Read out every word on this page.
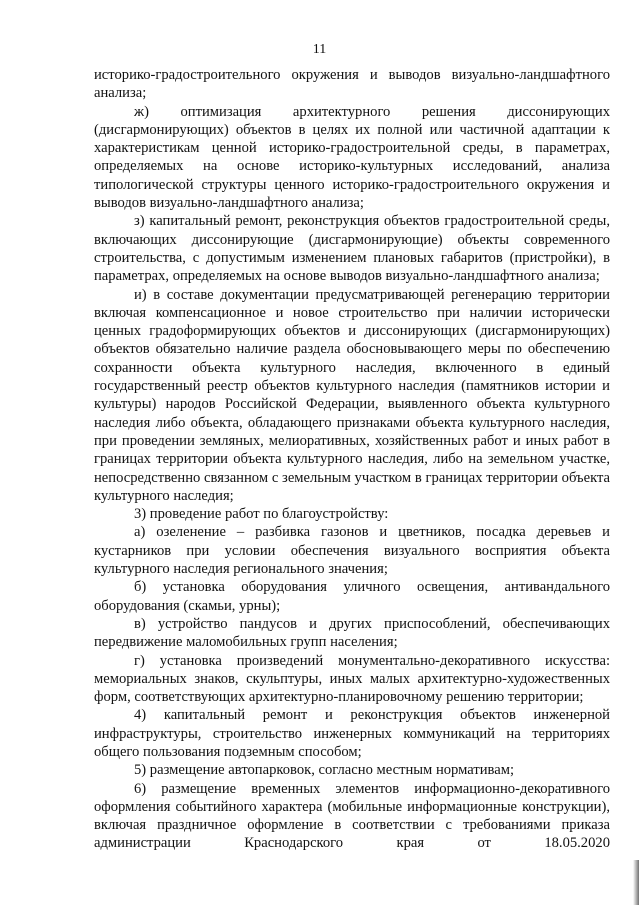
11

историко-градостроительного окружения и выводов визуально-ландшафтного анализа;

ж) оптимизация архитектурного решения диссонирующих (дисгармонирующих) объектов в целях их полной или частичной адаптации к характеристикам ценной историко-градостроительной среды, в параметрах, определяемых на основе историко-культурных исследований, анализа типологической структуры ценного историко-градостроительного окружения и выводов визуально-ландшафтного анализа;

з) капитальный ремонт, реконструкция объектов градостроительной среды, включающих диссонирующие (дисгармонирующие) объекты современного строительства, с допустимым изменением плановых габаритов (пристройки), в параметрах, определяемых на основе выводов визуально-ландшафтного анализа;

и) в составе документации предусматривающей регенерацию территории включая компенсационное и новое строительство при наличии исторически ценных градоформирующих объектов и диссонирующих (дисгармонирующих) объектов обязательно наличие раздела обосновывающего меры по обеспечению сохранности объекта культурного наследия, включенного в единый государственный реестр объектов культурного наследия (памятников истории и культуры) народов Российской Федерации, выявленного объекта культурного наследия либо объекта, обладающего признаками объекта культурного наследия, при проведении земляных, мелиоративных, хозяйственных работ и иных работ в границах территории объекта культурного наследия, либо на земельном участке, непосредственно связанном с земельным участком в границах территории объекта культурного наследия;

3) проведение работ по благоустройству:

а) озеленение – разбивка газонов и цветников, посадка деревьев и кустарников при условии обеспечения визуального восприятия объекта культурного наследия регионального значения;

б) установка оборудования уличного освещения, антивандального оборудования (скамьи, урны);

в) устройство пандусов и других приспособлений, обеспечивающих передвижение маломобильных групп населения;

г) установка произведений монументально-декоративного искусства: мемориальных знаков, скульптуры, иных малых архитектурно-художественных форм, соответствующих архитектурно-планировочному решению территории;

4) капитальный ремонт и реконструкция объектов инженерной инфраструктуры, строительство инженерных коммуникаций на территориях общего пользования подземным способом;

5) размещение автопарковок, согласно местным нормативам;

6) размещение временных элементов информационно-декоративного оформления событийного характера (мобильные информационные конструкции), включая праздничное оформление в соответствии с требованиями приказа администрации Краснодарского края от 18.05.2020
